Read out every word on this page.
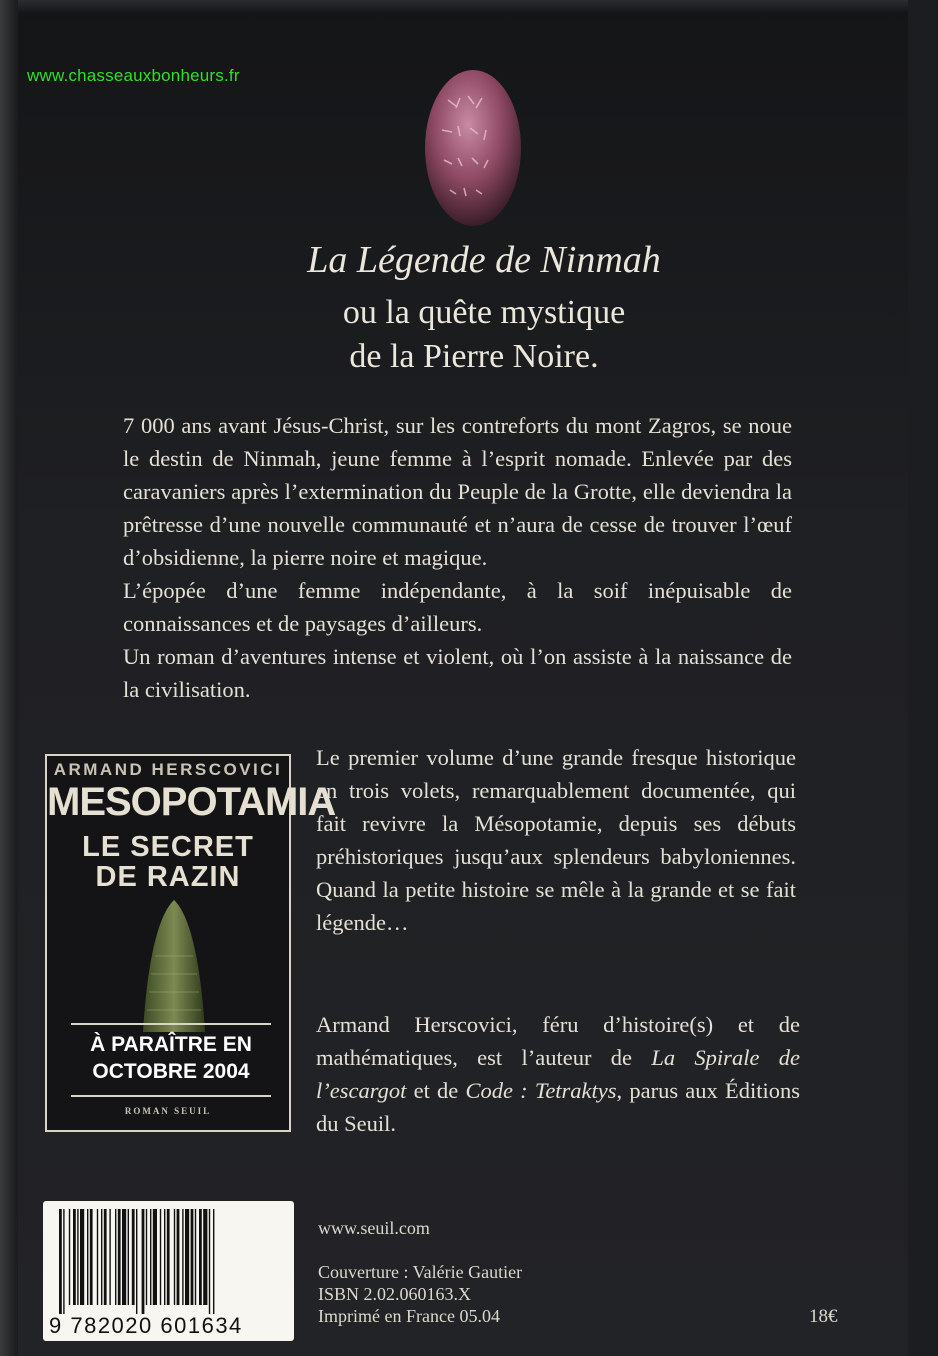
www.chasseauxbonheurs.fr
La Légende de Ninmah
ou la quête mystique
de la Pierre Noire.

7 000 ans avant Jésus-Christ, sur les contreforts du mont Zagros, se noue le destin de Ninmah, jeune femme à l’esprit nomade. Enlevée par des caravaniers après l’extermination du Peuple de la Grotte, elle deviendra la prêtresse d’une nouvelle communauté et n’aura de cesse de trouver l’œuf d’obsidienne, la pierre noire et magique.

L’épopée d’une femme indépendante, à la soif inépuisable de connaissances et de paysages d’ailleurs.

Un roman d’aventures intense et violent, où l’on assiste à la naissance de la civilisation.

ARMAND HERSCOVICI
MESOPOTAMIA
LE SECRET
DE RAZIN
À PARAÎTRE EN
OCTOBRE 2004
ROMAN SEUIL

Le premier volume d’une grande fresque historique en trois volets, remarquablement documentée, qui fait revivre la Mésopotamie, depuis ses débuts préhistoriques jusqu’aux splendeurs babyloniennes. Quand la petite histoire se mêle à la grande et se fait légende…

Armand Herscovici, féru d’histoire(s) et de mathématiques, est l’auteur de La Spirale de l’escargot et de Code : Tetraktys, parus aux Éditions du Seuil.

9 782020 601634
www.seuil.com
Couverture : Valérie Gautier
ISBN 2.02.060163.X
Imprimé en France 05.04	18€
